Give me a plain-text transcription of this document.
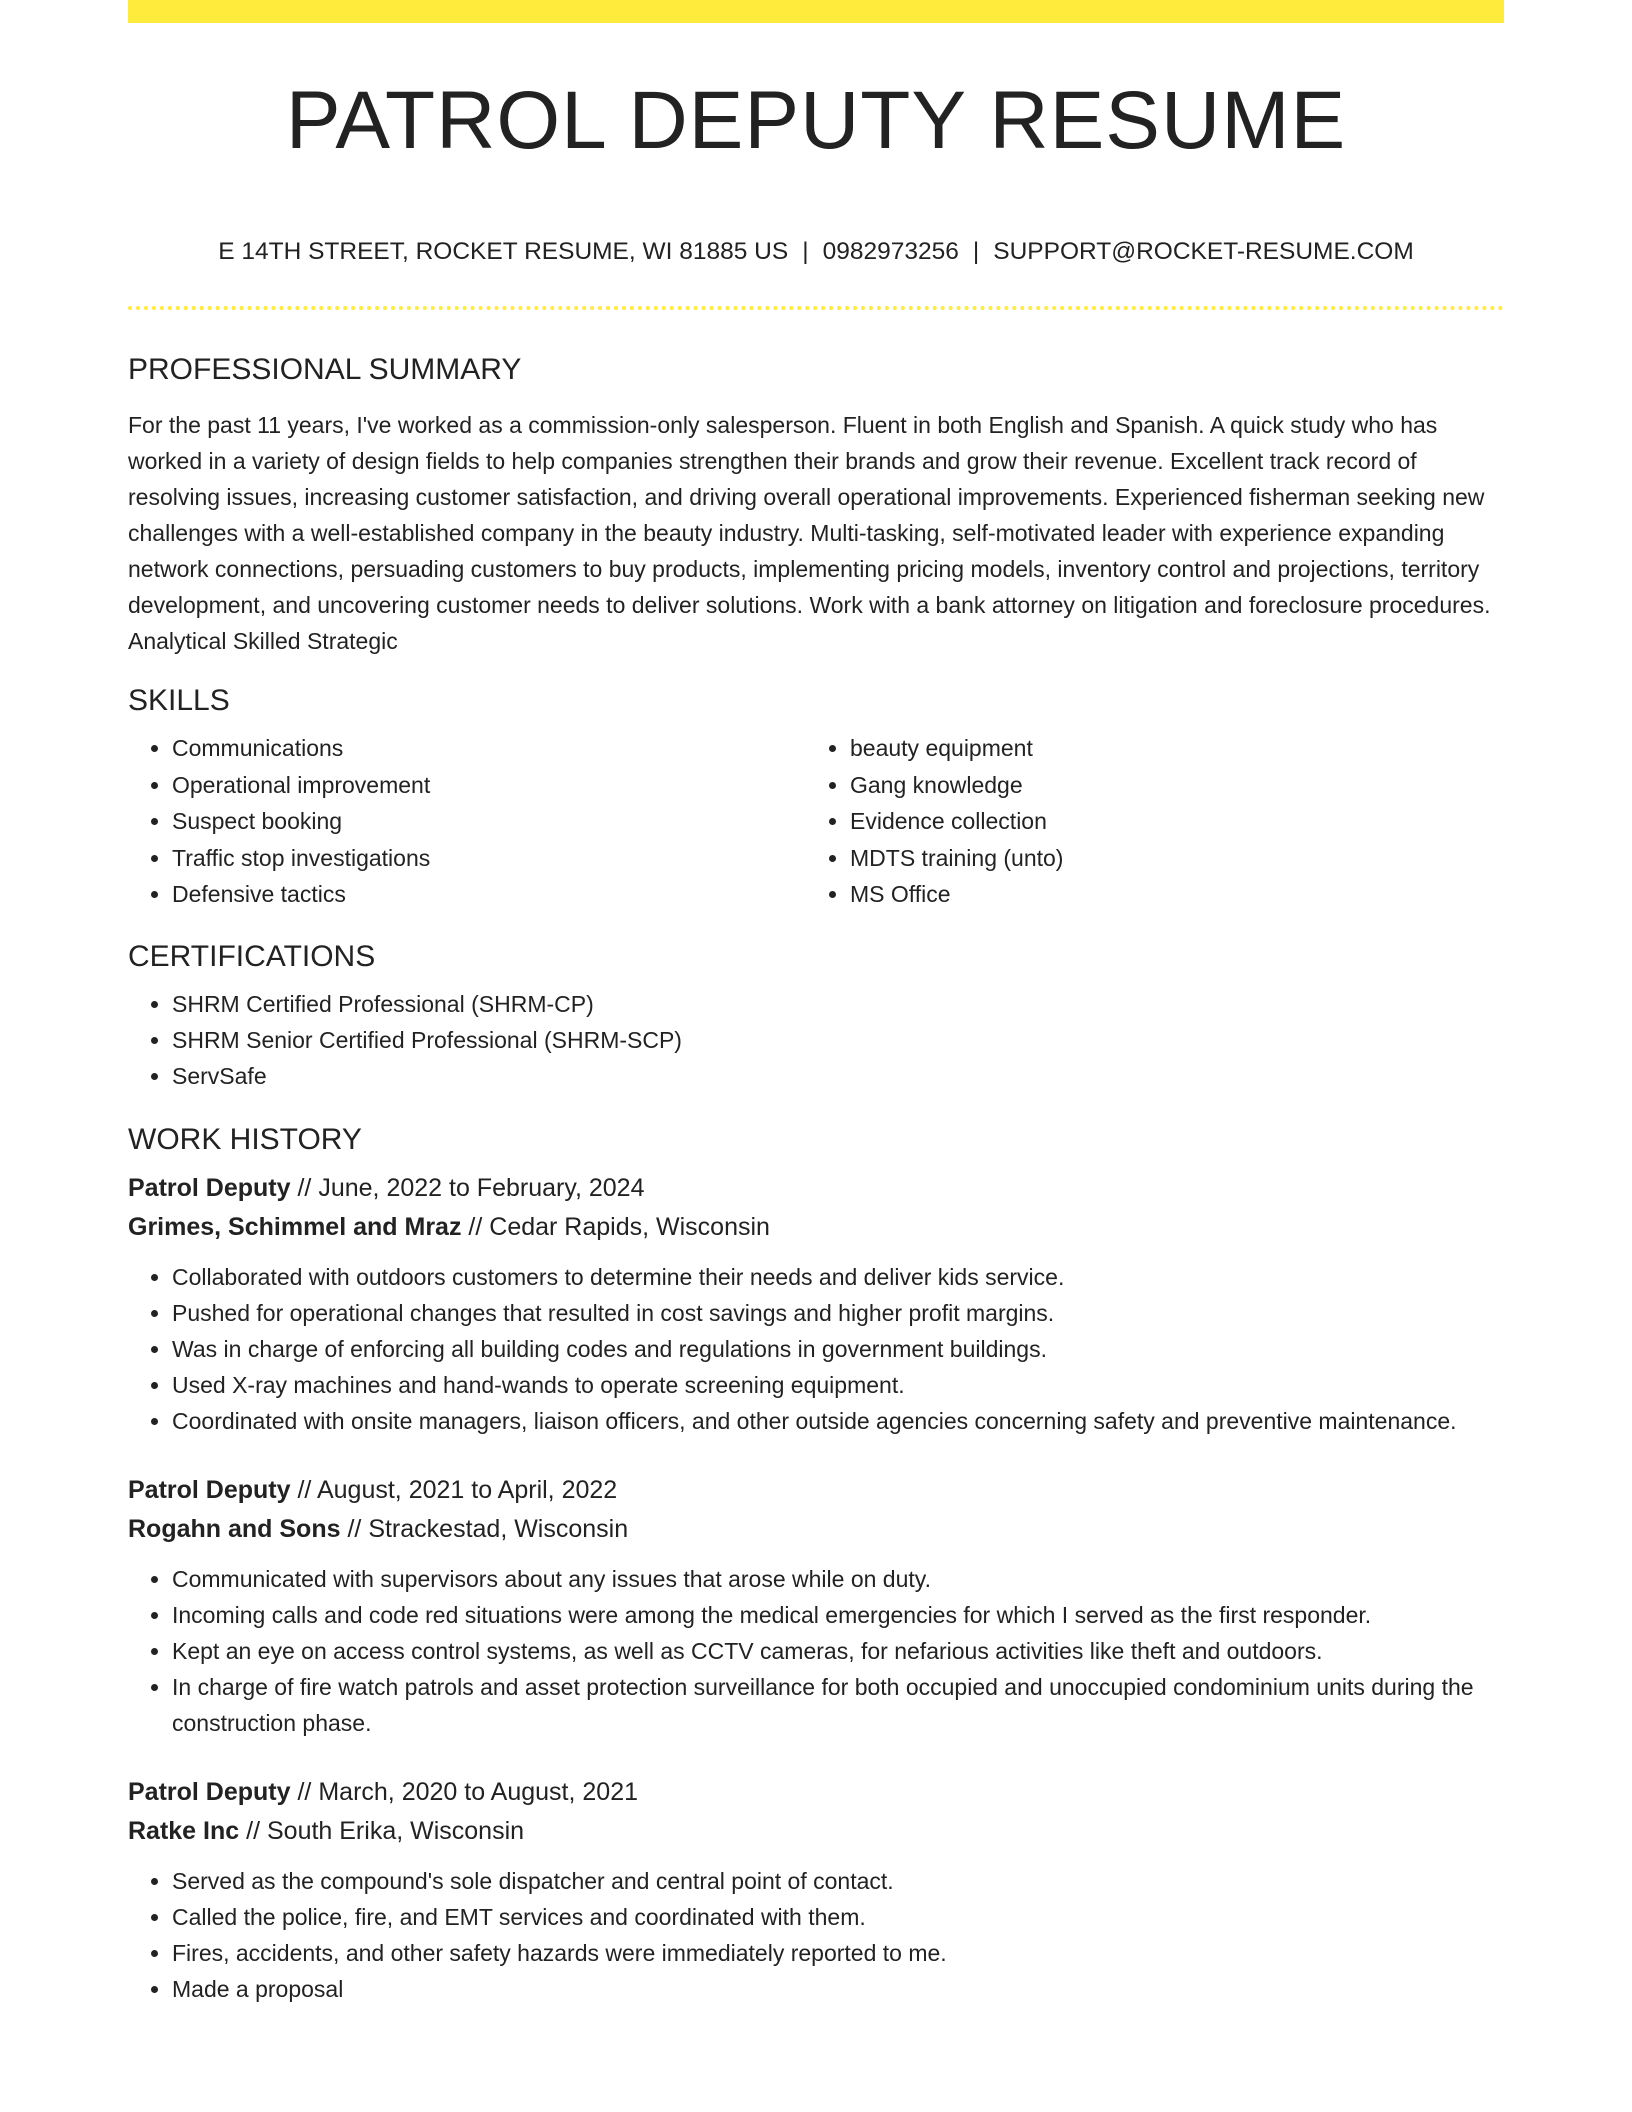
PATROL DEPUTY RESUME
E 14TH STREET, ROCKET RESUME, WI 81885 US | 0982973256 | SUPPORT@ROCKET-RESUME.COM
PROFESSIONAL SUMMARY

For the past 11 years, I've worked as a commission-only salesperson. Fluent in both English and Spanish. A quick study who has worked in a variety of design fields to help companies strengthen their brands and grow their revenue. Excellent track record of resolving issues, increasing customer satisfaction, and driving overall operational improvements. Experienced fisherman seeking new challenges with a well-established company in the beauty industry. Multi-tasking, self-motivated leader with experience expanding network connections, persuading customers to buy products, implementing pricing models, inventory control and projections, territory development, and uncovering customer needs to deliver solutions. Work with a bank attorney on litigation and foreclosure procedures. Analytical Skilled Strategic

SKILLS
• Communications
• Operational improvement
• Suspect booking
• Traffic stop investigations
• Defensive tactics
• beauty equipment
• Gang knowledge
• Evidence collection
• MDTS training (unto)
• MS Office
CERTIFICATIONS
• SHRM Certified Professional (SHRM-CP)
• SHRM Senior Certified Professional (SHRM-SCP)
• ServSafe
WORK HISTORY
Patrol Deputy // June, 2022 to February, 2024
Grimes, Schimmel and Mraz // Cedar Rapids, Wisconsin
• Collaborated with outdoors customers to determine their needs and deliver kids service.
• Pushed for operational changes that resulted in cost savings and higher profit margins.
• Was in charge of enforcing all building codes and regulations in government buildings.
• Used X-ray machines and hand-wands to operate screening equipment.
• Coordinated with onsite managers, liaison officers, and other outside agencies concerning safety and preventive maintenance.
Patrol Deputy // August, 2021 to April, 2022
Rogahn and Sons // Strackestad, Wisconsin
• Communicated with supervisors about any issues that arose while on duty.
• Incoming calls and code red situations were among the medical emergencies for which I served as the first responder.
• Kept an eye on access control systems, as well as CCTV cameras, for nefarious activities like theft and outdoors.
• In charge of fire watch patrols and asset protection surveillance for both occupied and unoccupied condominium units during the construction phase.
Patrol Deputy // March, 2020 to August, 2021
Ratke Inc // South Erika, Wisconsin
• Served as the compound's sole dispatcher and central point of contact.
• Called the police, fire, and EMT services and coordinated with them.
• Fires, accidents, and other safety hazards were immediately reported to me.
• Made a proposal
